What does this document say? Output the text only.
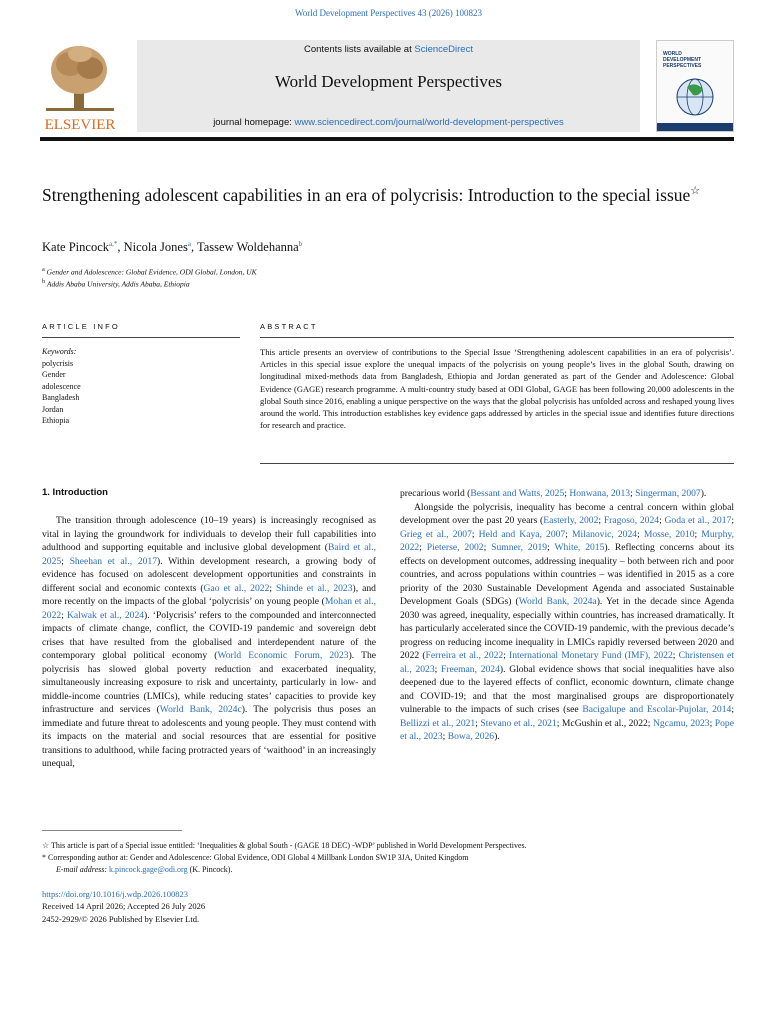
World Development Perspectives 43 (2026) 100823
ELSEVIER
Contents lists available at ScienceDirect
World Development Perspectives
journal homepage: www.sciencedirect.com/journal/world-development-perspectives
WORLD
DEVELOPMENT
PERSPECTIVES
Strengthening adolescent capabilities in an era of polycrisis: Introduction to the special issue☆
Kate Pincock$^{a,*}$, Nicola Jones$^a$, Tassew Woldehanna$^b$
$^a$ Gender and Adolescence: Global Evidence, ODI Global, London, UK
$^b$ Addis Ababa University, Addis Ababa, Ethiopia
ARTICLE INFO	ABSTRACT
Keywords:
polycrisis
Gender
adolescence
Bangladesh
Jordan
Ethiopia
This article presents an overview of contributions to the Special Issue ‘Strengthening adolescent capabilities in an era of polycrisis’. Articles in this special issue explore the unequal impacts of the polycrisis on young people’s lives in the global South, drawing on longitudinal mixed-methods data from Bangladesh, Ethiopia and Jordan generated as part of the Gender and Adolescence: Global Evidence (GAGE) research programme. A multi-country study based at ODI Global, GAGE has been following 20,000 adolescents in the global South since 2016, enabling a unique perspective on the ways that the global polycrisis has unfolded across and reshaped young lives around the world. This introduction establishes key evidence gaps addressed by articles in the special issue and identifies future directions for research and practice.
1. Introduction

The transition through adolescence (10–19 years) is increasingly recognised as vital in laying the groundwork for individuals to develop their full capabilities into adulthood and supporting equitable and inclusive global development (Baird et al., 2025; Sheehan et al., 2017). Within development research, a growing body of evidence has focused on adolescent development opportunities and constraints in different social and economic contexts (Gao et al., 2022; Shinde et al., 2023), and more recently on the impacts of the global ‘polycrisis’ on young people (Mohan et al., 2022; Kalwak et al., 2024). ‘Polycrisis’ refers to the compounded and interconnected impacts of climate change, conflict, the COVID-19 pandemic and sovereign debt crises that have resulted from the globalised and interdependent nature of the contemporary global political economy (World Economic Forum, 2023). The polycrisis has slowed global poverty reduction and exacerbated inequality, simultaneously increasing exposure to risk and uncertainty, particularly in low- and middle-income countries (LMICs), while reducing states’ capacities to provide key infrastructure and services (World Bank, 2024c). The polycrisis thus poses an immediate and future threat to adolescents and young people. They must contend with its impacts on the material and social resources that are essential for positive transitions to adulthood, while facing protracted years of ‘waithood’ in an increasingly unequal,

precarious world (Bessant and Watts, 2025; Honwana, 2013; Singerman, 2007).

Alongside the polycrisis, inequality has become a central concern within global development over the past 20 years (Easterly, 2002; Fragoso, 2024; Goda et al., 2017; Grieg et al., 2007; Held and Kaya, 2007; Milanovic, 2024; Mosse, 2010; Murphy, 2022; Pieterse, 2002; Sumner, 2019; White, 2015). Reflecting concerns about its effects on development outcomes, addressing inequality – both between rich and poor countries, and across populations within countries – was identified in 2015 as a core priority of the 2030 Sustainable Development Agenda and associated Sustainable Development Goals (SDGs) (World Bank, 2024a). Yet in the decade since Agenda 2030 was agreed, inequality, especially within countries, has increased dramatically. It has particularly accelerated since the COVID-19 pandemic, with the previous decade’s progress on reducing income inequality in LMICs rapidly reversed between 2020 and 2022 (Ferreira et al., 2022; International Monetary Fund (IMF), 2022; Christensen et al., 2023; Freeman, 2024). Global evidence shows that social inequalities have also deepened due to the layered effects of conflict, economic downturn, climate change and COVID-19; and that the most marginalised groups are disproportionately vulnerable to the impacts of such crises (see Bacigalupe and Escolar-Pujolar, 2014; Bellizzi et al., 2021; Stevano et al., 2021; McGushin et al., 2022; Ngcamu, 2023; Pope et al., 2023; Bowa, 2026).

☆ This article is part of a Special issue entitled: ‘Inequalities & global South - (GAGE 18 DEC) -WDP’ published in World Development Perspectives.

* Corresponding author at: Gender and Adolescence: Global Evidence, ODI Global 4 Millbank London SW1P 3JA, United Kingdom

E-mail address: k.pincock.gage@odi.org (K. Pincock).

https://doi.org/10.1016/j.wdp.2026.100823

Received 14 April 2026; Accepted 26 July 2026

2452-2929/© 2026 Published by Elsevier Ltd.
